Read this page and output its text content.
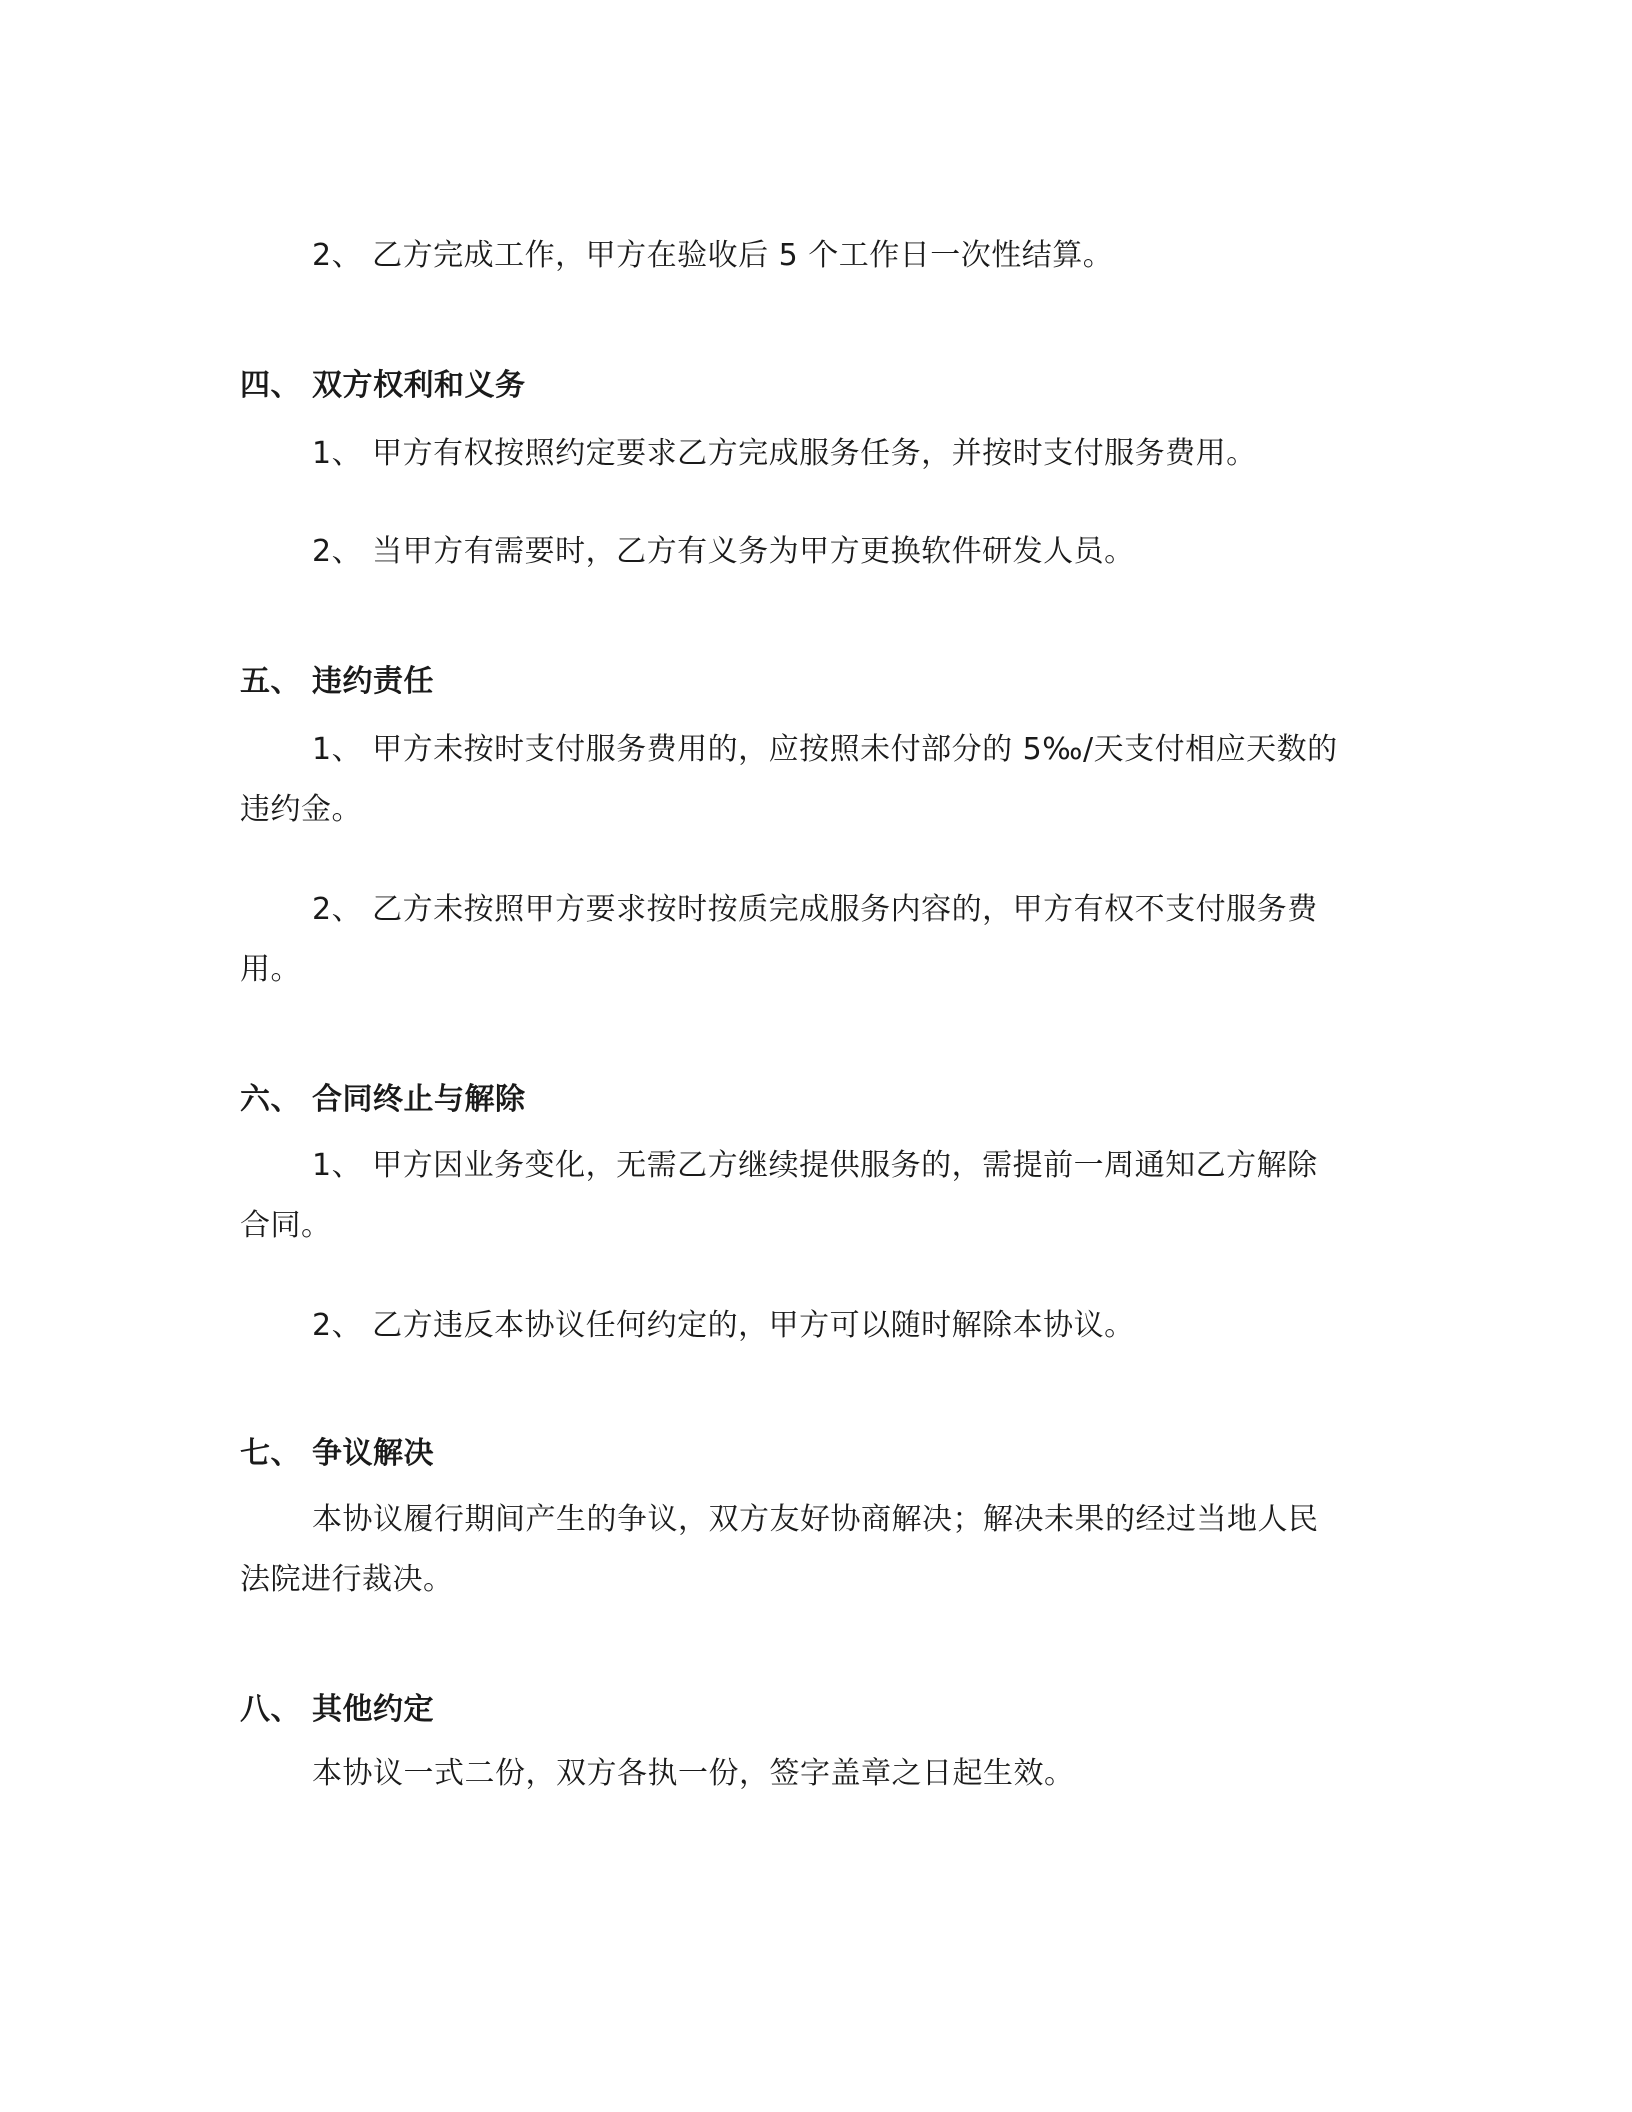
2、 乙方完成工作，甲方在验收后 5 个工作日一次性结算。
四、 双方权利和义务
1、 甲方有权按照约定要求乙方完成服务任务，并按时支付服务费用。
2、 当甲方有需要时，乙方有义务为甲方更换软件研发人员。
五、 违约责任
1、 甲方未按时支付服务费用的，应按照未付部分的 5‰/天支付相应天数的
违约金。
2、 乙方未按照甲方要求按时按质完成服务内容的，甲方有权不支付服务费
用。
六、 合同终止与解除
1、 甲方因业务变化，无需乙方继续提供服务的，需提前一周通知乙方解除
合同。
2、 乙方违反本协议任何约定的，甲方可以随时解除本协议。
七、 争议解决
本协议履行期间产生的争议，双方友好协商解决；解决未果的经过当地人民
法院进行裁决。
八、 其他约定
本协议一式二份，双方各执一份，签字盖章之日起生效。
